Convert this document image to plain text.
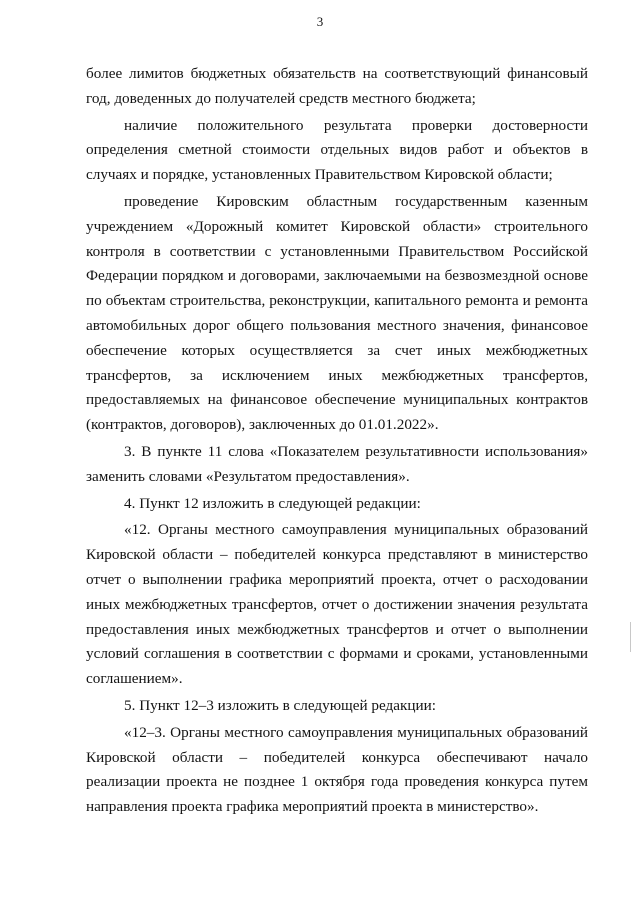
3

более лимитов бюджетных обязательств на соответствующий финансовый год, доведенных до получателей средств местного бюджета;

наличие положительного результата проверки достоверности определения сметной стоимости отдельных видов работ и объектов в случаях и порядке, установленных Правительством Кировской области;

проведение Кировским областным государственным казенным учреждением «Дорожный комитет Кировской области» строительного контроля в соответствии с установленными Правительством Российской Федерации порядком и договорами, заключаемыми на безвозмездной основе по объектам строительства, реконструкции, капитального ремонта и ремонта автомобильных дорог общего пользования местного значения, финансовое обеспечение которых осуществляется за счет иных межбюджетных трансфертов, за исключением иных межбюджетных трансфертов, предоставляемых на финансовое обеспечение муниципальных контрактов (контрактов, договоров), заключенных до 01.01.2022».

3. В пункте 11 слова «Показателем результативности использования» заменить словами «Результатом предоставления».

4. Пункт 12 изложить в следующей редакции:

«12. Органы местного самоуправления муниципальных образований Кировской области – победителей конкурса представляют в министерство отчет о выполнении графика мероприятий проекта, отчет о расходовании иных межбюджетных трансфертов, отчет о достижении значения результата предоставления иных межбюджетных трансфертов и отчет о выполнении условий соглашения в соответствии с формами и сроками, установленными соглашением».

5. Пункт 12–3 изложить в следующей редакции:

«12–3. Органы местного самоуправления муниципальных образований Кировской области – победителей конкурса обеспечивают начало реализации проекта не позднее 1 октября года проведения конкурса путем направления проекта графика мероприятий проекта в министерство».
